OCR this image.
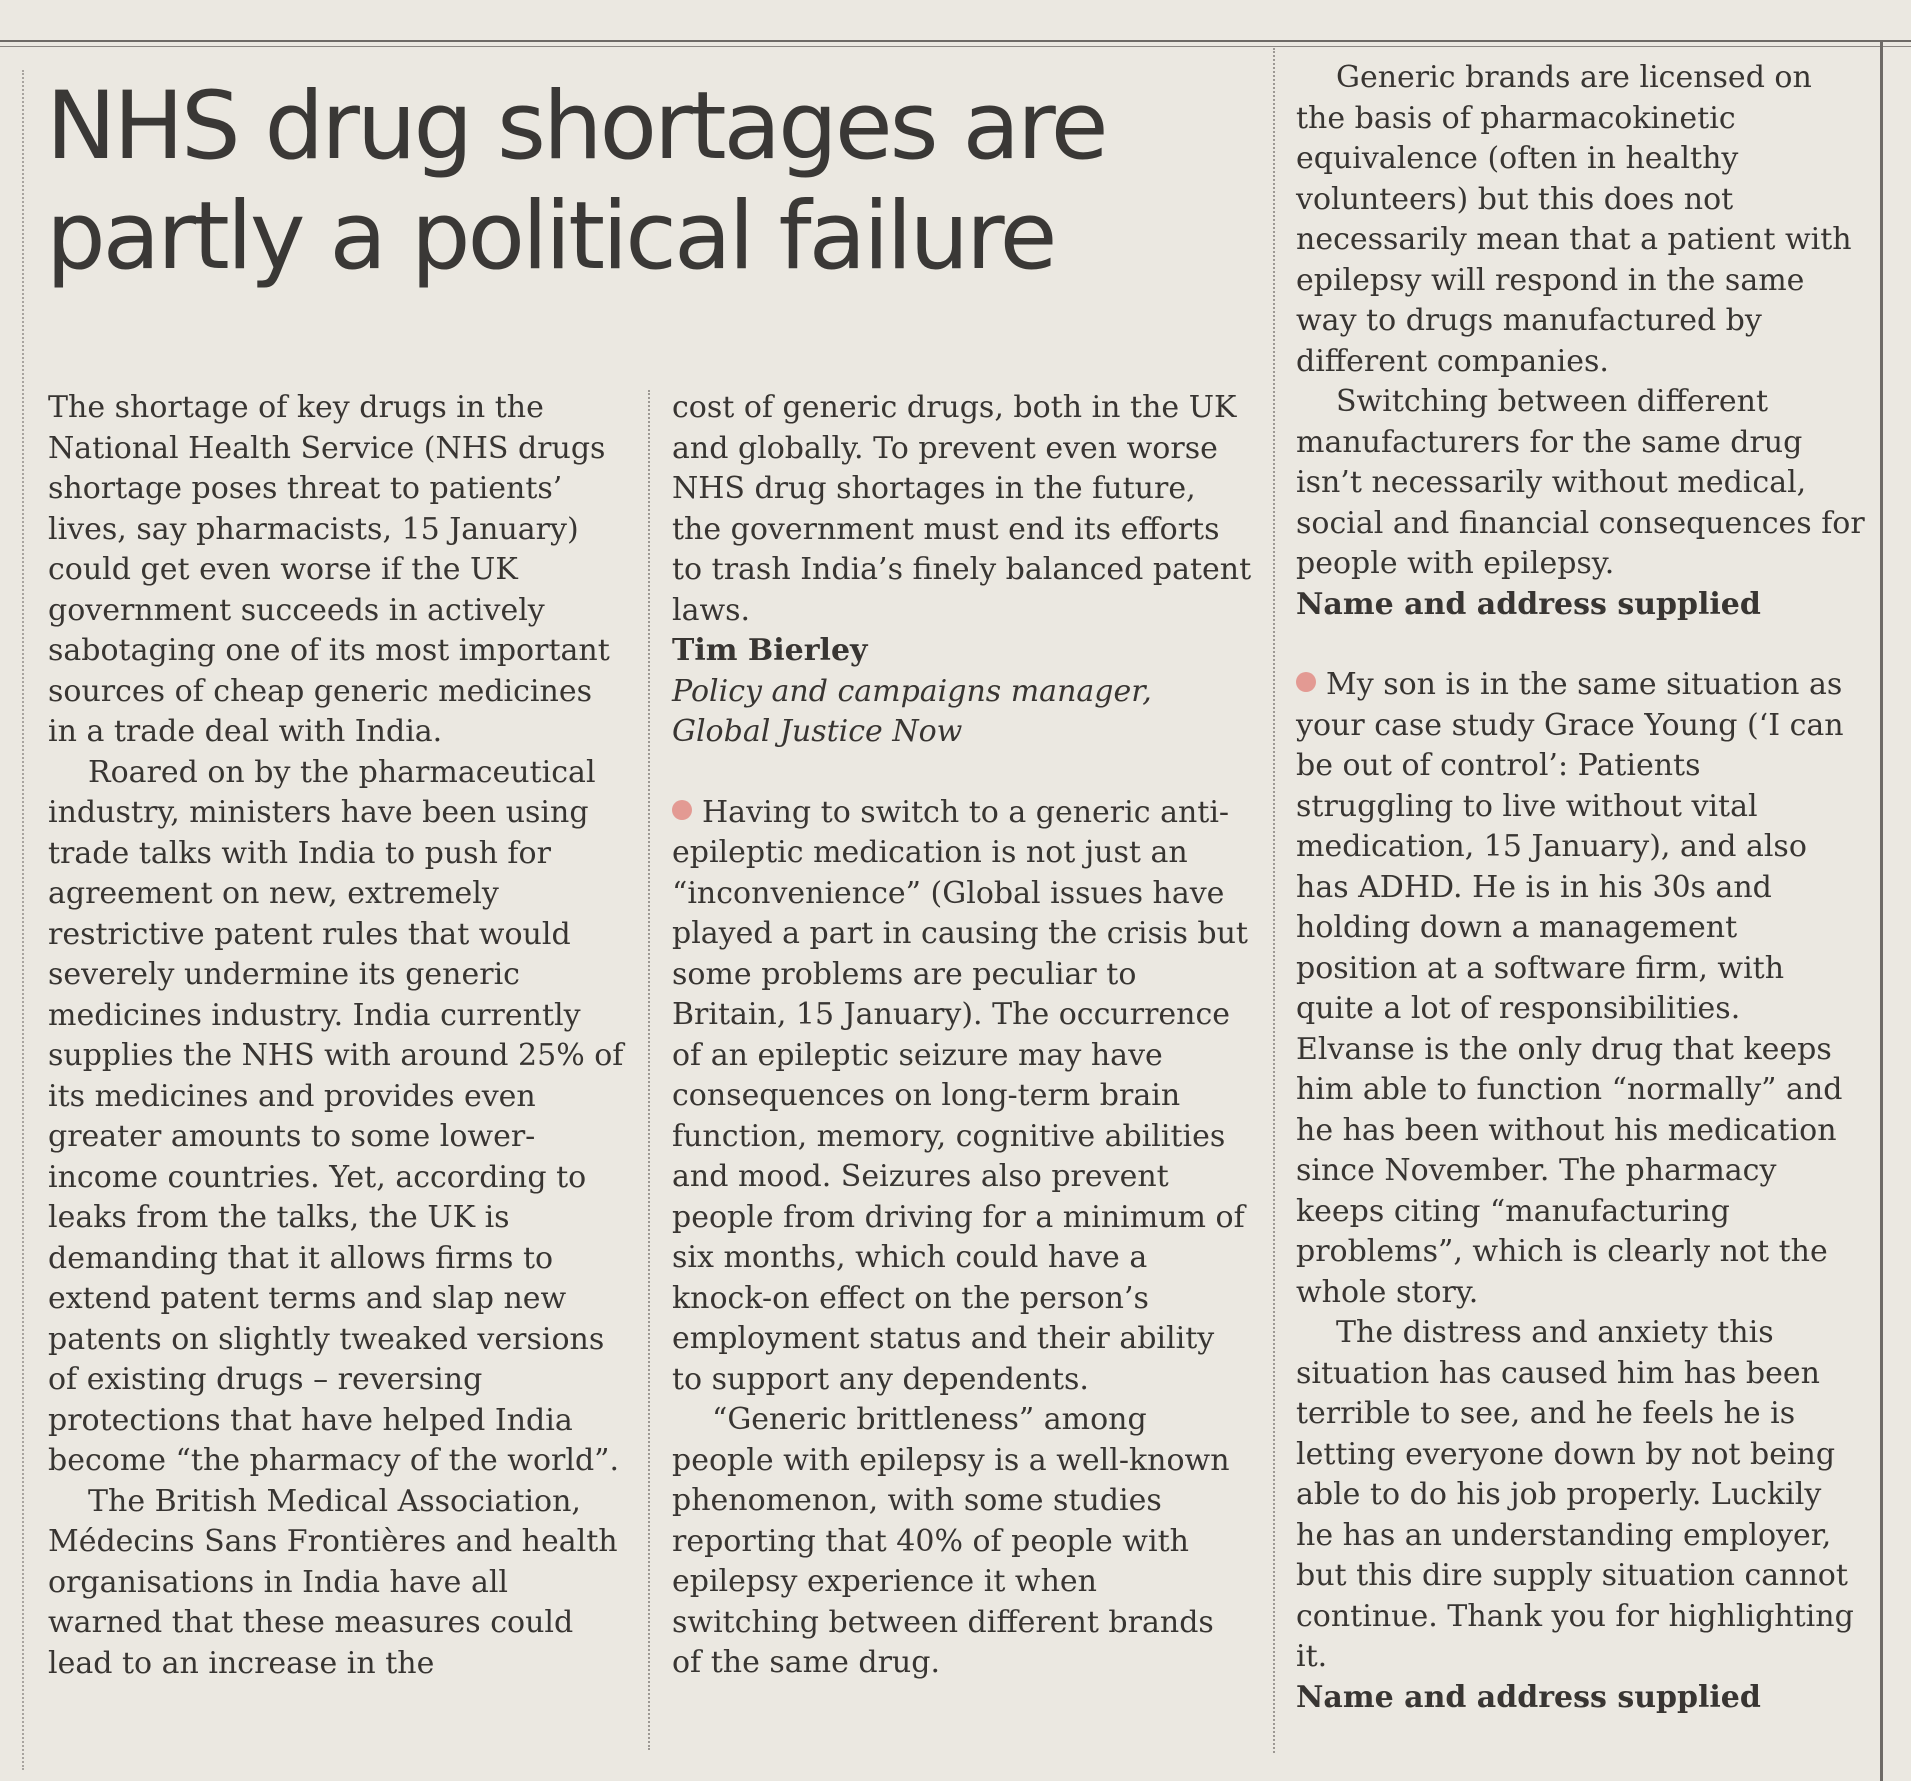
NHS drug shortages are partly a political failure

The shortage of key drugs in the National Health Service (NHS drugs shortage poses threat to patients’ lives, say pharmacists, 15 January) could get even worse if the UK government succeeds in actively sabotaging one of its most important sources of cheap generic medicines in a trade deal with India.

Roared on by the pharmaceutical industry, ministers have been using trade talks with India to push for agreement on new, extremely restrictive patent rules that would severely undermine its generic medicines industry. India currently supplies the NHS with around 25% of its medicines and provides even greater amounts to some lower-income countries. Yet, according to leaks from the talks, the UK is demanding that it allows firms to extend patent terms and slap new patents on slightly tweaked versions of existing drugs – reversing protections that have helped India become “the pharmacy of the world”.

The British Medical Association, Médecins Sans Frontières and health organisations in India have all warned that these measures could lead to an increase in the

cost of generic drugs, both in the UK and globally. To prevent even worse NHS drug shortages in the future, the government must end its efforts to trash India’s finely balanced patent laws.

Tim Bierley

Policy and campaigns manager, Global Justice Now

Having to switch to a generic anti-epileptic medication is not just an “inconvenience” (Global issues have played a part in causing the crisis but some problems are peculiar to Britain, 15 January). The occurrence of an epileptic seizure may have consequences on long-term brain function, memory, cognitive abilities and mood. Seizures also prevent people from driving for a minimum of six months, which could have a knock-on effect on the person’s employment status and their ability to support any dependents.

“Generic brittleness” among people with epilepsy is a well-known phenomenon, with some studies reporting that 40% of people with epilepsy experience it when switching between different brands of the same drug.

Generic brands are licensed on the basis of pharmacokinetic equivalence (often in healthy volunteers) but this does not necessarily mean that a patient with epilepsy will respond in the same way to drugs manufactured by different companies.

Switching between different manufacturers for the same drug isn’t necessarily without medical, social and financial consequences for people with epilepsy.

Name and address supplied

My son is in the same situation as your case study Grace Young (‘I can be out of control’: Patients struggling to live without vital medication, 15 January), and also has ADHD. He is in his 30s and holding down a management position at a software firm, with quite a lot of responsibilities. Elvanse is the only drug that keeps him able to function “normally” and he has been without his medication since November. The pharmacy keeps citing “manufacturing problems”, which is clearly not the whole story.

The distress and anxiety this situation has caused him has been terrible to see, and he feels he is letting everyone down by not being able to do his job properly. Luckily he has an understanding employer, but this dire supply situation cannot continue. Thank you for highlighting it.

Name and address supplied
